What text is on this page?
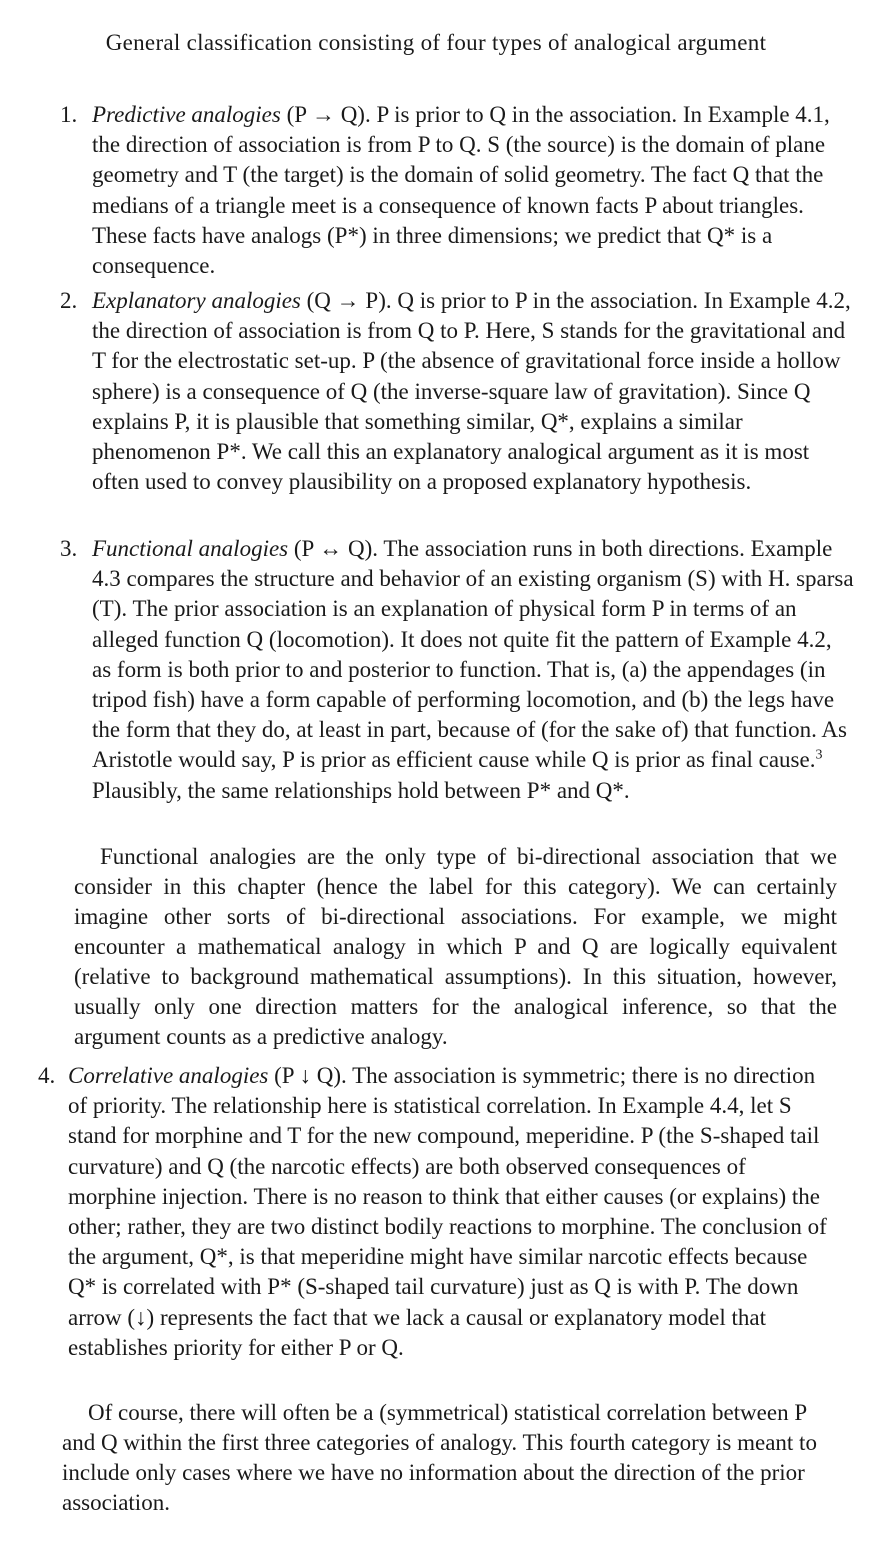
General classification consisting of four types of analogical argument
1. Predictive analogies (P → Q). P is prior to Q in the association. In Example 4.1, the direction of association is from P to Q. S (the source) is the domain of plane geometry and T (the target) is the domain of solid geometry. The fact Q that the medians of a triangle meet is a consequence of known facts P about triangles. These facts have analogs (P*) in three dimensions; we predict that Q* is a consequence.

2. Explanatory analogies (Q → P). Q is prior to P in the association. In Example 4.2, the direction of association is from Q to P. Here, S stands for the gravitational and T for the electrostatic set-up. P (the absence of gravitational force inside a hollow sphere) is a consequence of Q (the inverse-square law of gravitation). Since Q explains P, it is plausible that something similar, Q*, explains a similar phenomenon P*. We call this an explanatory analogical argument as it is most often used to convey plausibility on a proposed explanatory hypothesis.

3. Functional analogies (P ↔ Q). The association runs in both directions. Example 4.3 compares the structure and behavior of an existing organism (S) with H. sparsa (T). The prior association is an explanation of physical form P in terms of an alleged function Q (locomotion). It does not quite fit the pattern of Example 4.2, as form is both prior to and posterior to function. That is, (a) the appendages (in tripod fish) have a form capable of performing locomotion, and (b) the legs have the form that they do, at least in part, because of (for the sake of) that function. As Aristotle would say, P is prior as efficient cause while Q is prior as final cause.$^3$ Plausibly, the same relationships hold between P* and Q*.

Functional analogies are the only type of bi-directional association that we consider in this chapter (hence the label for this category). We can certainly imagine other sorts of bi-directional associations. For example, we might encounter a mathematical analogy in which P and Q are logically equivalent (relative to background mathematical assumptions). In this situation, however, usually only one direction matters for the analogical inference, so that the argument counts as a predictive analogy.

4. Correlative analogies (P ↓ Q). The association is symmetric; there is no direction of priority. The relationship here is statistical correlation. In Example 4.4, let S stand for morphine and T for the new compound, meperidine. P (the S-shaped tail curvature) and Q (the narcotic effects) are both observed consequences of morphine injection. There is no reason to think that either causes (or explains) the other; rather, they are two distinct bodily reactions to morphine. The conclusion of the argument, Q*, is that meperidine might have similar narcotic effects because Q* is correlated with P* (S-shaped tail curvature) just as Q is with P. The down arrow (↓) represents the fact that we lack a causal or explanatory model that establishes priority for either P or Q.

Of course, there will often be a (symmetrical) statistical correlation between P and Q within the first three categories of analogy. This fourth category is meant to include only cases where we have no information about the direction of the prior association.
